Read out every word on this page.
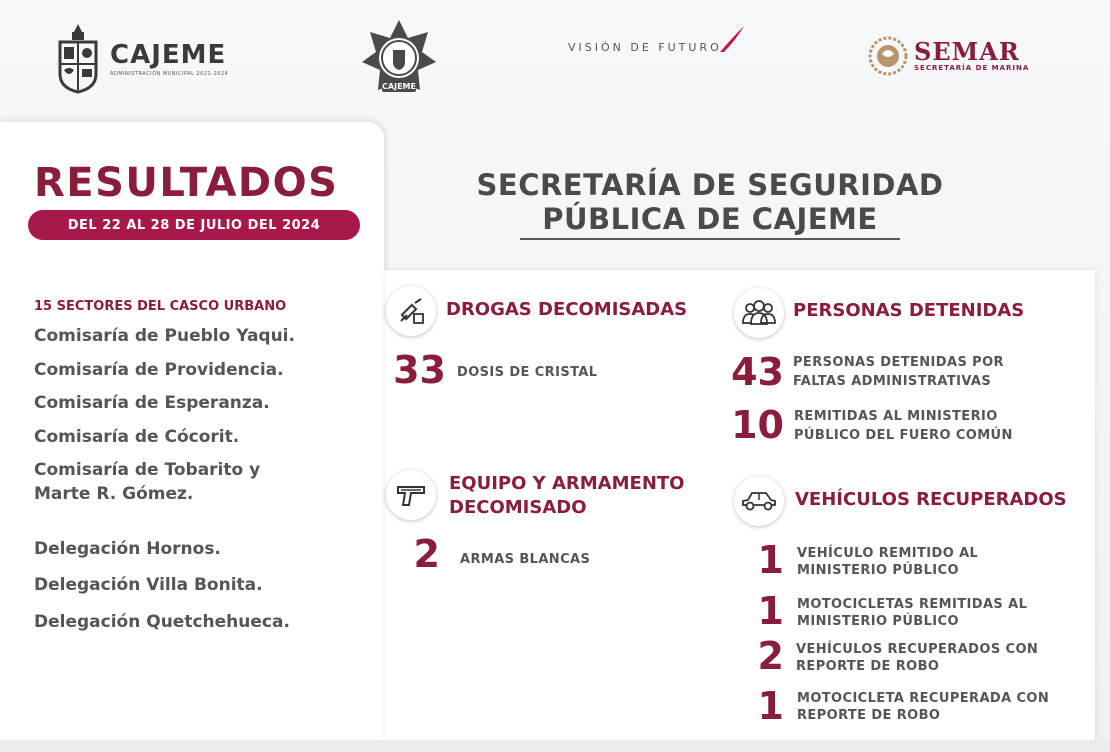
CAJEME
ADMINISTRACIÓN MUNICIPAL 2021-2024
CAJEME
VISIÓN DE FUTURO	SEMAR
SECRETARÍA DE MARINA
RESULTADOS
DEL 22 AL 28 DE JULIO DEL 2024
SECRETARÍA DE SEGURIDAD
PÚBLICA DE CAJEME
15 SECTORES DEL CASCO URBANO
Comisaría de Pueblo Yaqui.
Comisaría de Providencia.
Comisaría de Esperanza.
Comisaría de Cócorit.
Comisaría de Tobarito y
Marte R. Gómez.
Delegación Hornos.
Delegación Villa Bonita.
Delegación Quetchehueca.
DROGAS DECOMISADAS
33 DOSIS DE CRISTAL
EQUIPO Y ARMAMENTO
DECOMISADO
2 ARMAS BLANCAS
PERSONAS DETENIDAS
43 PERSONAS DETENIDAS POR
FALTAS ADMINISTRATIVAS
10 REMITIDAS AL MINISTERIO
PÚBLICO DEL FUERO COMÚN
VEHÍCULOS RECUPERADOS
1 VEHÍCULO REMITIDO AL
MINISTERIO PÚBLICO
1 MOTOCICLETAS REMITIDAS AL
MINISTERIO PÚBLICO
2 VEHÍCULOS RECUPERADOS CON
REPORTE DE ROBO
1 MOTOCICLETA RECUPERADA CON
REPORTE DE ROBO
